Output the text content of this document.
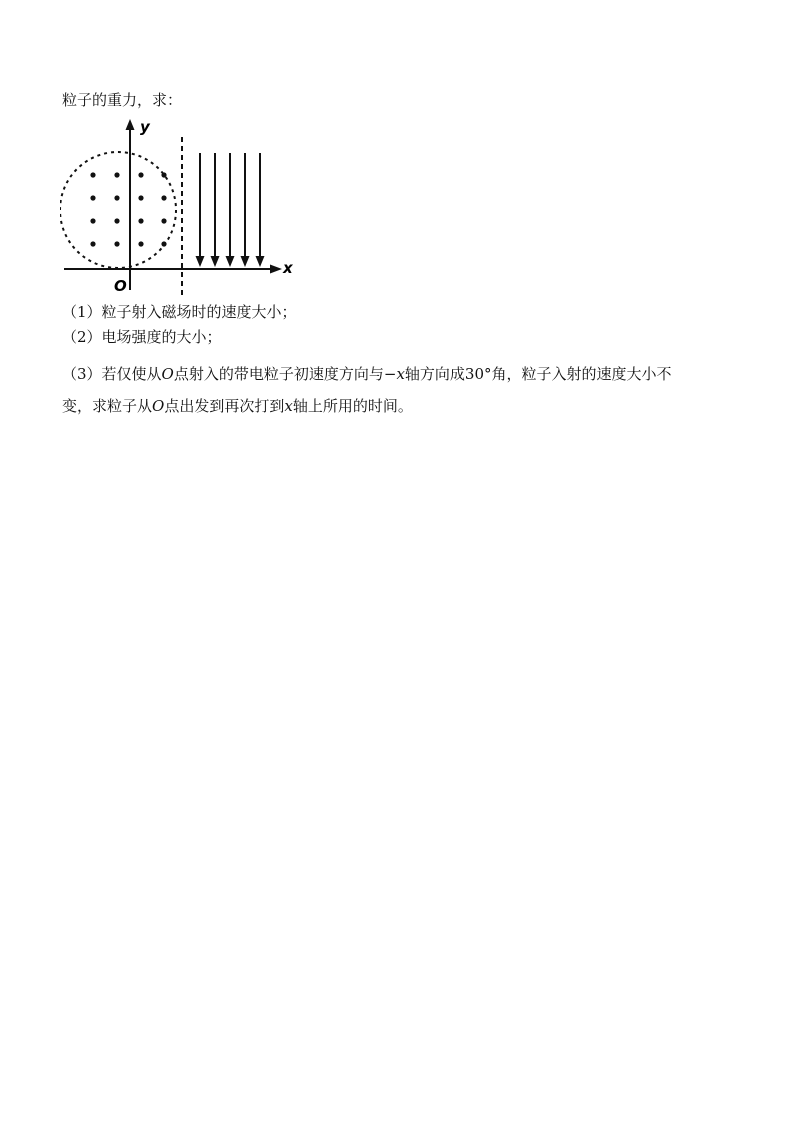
粒子的重力，求：
y
x
O
（1）粒子射入磁场时的速度大小；
（2）电场强度的大小；
（3）若仅使从O点射入的带电粒子初速度方向与−x轴方向成30°角，粒子入射的速度大小不
变，求粒子从O点出发到再次打到x轴上所用的时间。
